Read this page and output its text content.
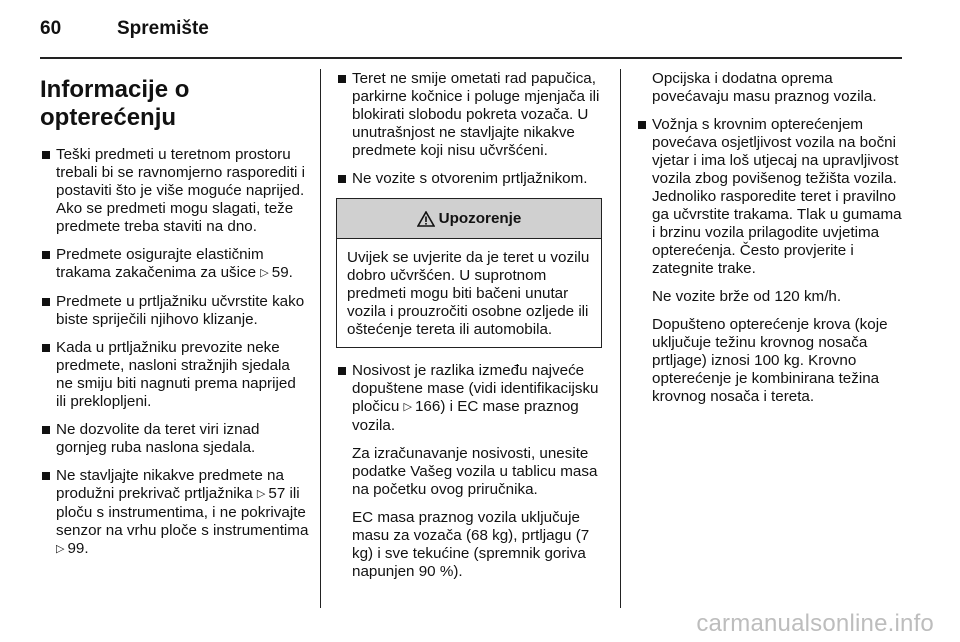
60	Spremište
Informacije o opterećenju
Teški predmeti u teretnom prostoru trebali bi se ravnomjerno rasporediti i postaviti što je više moguće naprijed. Ako se predmeti mogu slagati, teže predmete treba staviti na dno.
Predmete osigurajte elastičnim trakama zakačenima za ušice ▷ 59.
Predmete u prtljažniku učvrstite kako biste spriječili njihovo klizanje.
Kada u prtljažniku prevozite neke predmete, nasloni stražnjih sjedala ne smiju biti nagnuti prema naprijed ili preklopljeni.
Ne dozvolite da teret viri iznad gornjeg ruba naslona sjedala.
Ne stavljajte nikakve predmete na produžni prekrivač prtljažnika ▷ 57 ili ploču s instrumentima, i ne pokrivajte senzor na vrhu ploče s instrumentima ▷ 99.
Teret ne smije ometati rad papučica, parkirne kočnice i poluge mjenjača ili blokirati slobodu pokreta vozača. U unutrašnjost ne stavljajte nikakve predmete koji nisu učvršćeni.
Ne vozite s otvorenim prtljažnikom.
Upozorenje
Uvijek se uvjerite da je teret u vozilu dobro učvršćen. U suprotnom predmeti mogu biti bačeni unutar vozila i prouzročiti osobne ozljede ili oštećenje tereta ili automobila.
Nosivost je razlika između najveće dopuštene mase (vidi identifikacijsku pločicu ▷ 166) i EC mase praznog vozila.
Za izračunavanje nosivosti, unesite podatke Vašeg vozila u tablicu masa na početku ovog priručnika.
EC masa praznog vozila uključuje masu za vozača (68 kg), prtljagu (7 kg) i sve tekućine (spremnik goriva napunjen 90 %).
Opcijska i dodatna oprema povećavaju masu praznog vozila.
Vožnja s krovnim opterećenjem povećava osjetljivost vozila na bočni vjetar i ima loš utjecaj na upravljivost vozila zbog povišenog težišta vozila. Jednoliko rasporedite teret i pravilno ga učvrstite trakama. Tlak u gumama i brzinu vozila prilagodite uvjetima opterećenja. Često provjerite i zategnite trake.
Ne vozite brže od 120 km/h.
Dopušteno opterećenje krova (koje uključuje težinu krovnog nosača prtljage) iznosi 100 kg. Krovno opterećenje je kombinirana težina krovnog nosača i tereta.
carmanualsonline.info
